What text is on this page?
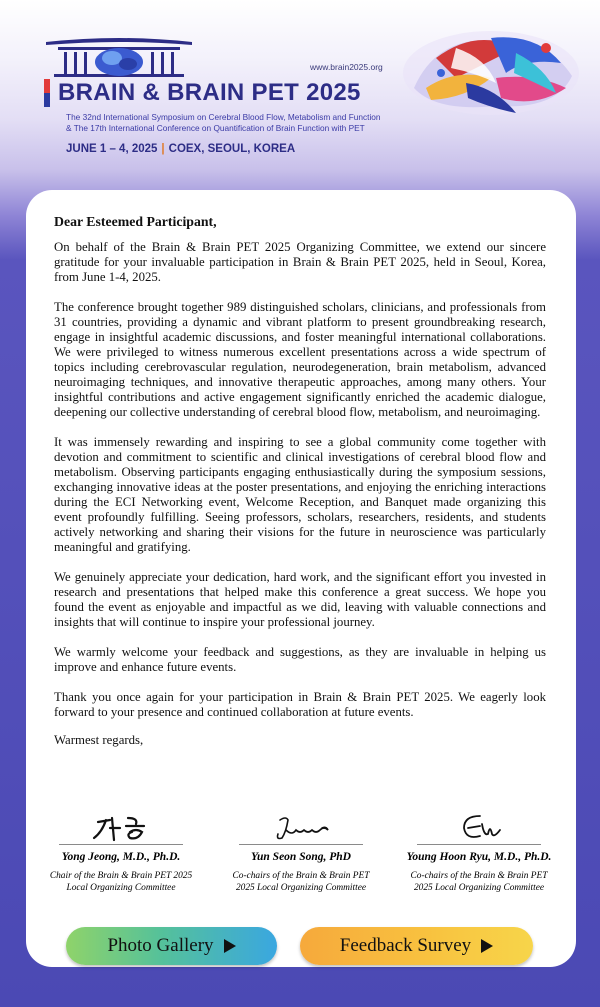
www.brain2025.org
BRAIN & BRAIN PET 2025
The 32nd International Symposium on Cerebral Blood Flow, Metabolism and Function
& The 17th International Conference on Quantification of Brain Function with PET
JUNE 1 – 4, 2025 | COEX, SEOUL, KOREA
Dear Esteemed Participant,

On behalf of the Brain & Brain PET 2025 Organizing Committee, we extend our sincere gratitude for your invaluable participation in Brain & Brain PET 2025, held in Seoul, Korea, from June 1-4, 2025.

The conference brought together 989 distinguished scholars, clinicians, and professionals from 31 countries, providing a dynamic and vibrant platform to present groundbreaking research, engage in insightful academic discussions, and foster meaningful international collaborations. We were privileged to witness numerous excellent presentations across a wide spectrum of topics including cerebrovascular regulation, neurodegeneration, brain metabolism, advanced neuroimaging techniques, and innovative therapeutic approaches, among many others. Your insightful contributions and active engagement significantly enriched the academic dialogue, deepening our collective understanding of cerebral blood flow, metabolism, and neuroimaging.

It was immensely rewarding and inspiring to see a global community come together with devotion and commitment to scientific and clinical investigations of cerebral blood flow and metabolism. Observing participants engaging enthusiastically during the symposium sessions, exchanging innovative ideas at the poster presentations, and enjoying the enriching interactions during the ECI Networking event, Welcome Reception, and Banquet made organizing this event profoundly fulfilling. Seeing professors, scholars, researchers, residents, and students actively networking and sharing their visions for the future in neuroscience was particularly meaningful and gratifying.

We genuinely appreciate your dedication, hard work, and the significant effort you invested in research and presentations that helped make this conference a great success. We hope you found the event as enjoyable and impactful as we did, leaving with valuable connections and insights that will continue to inspire your professional journey.

We warmly welcome your feedback and suggestions, as they are invaluable in helping us improve and enhance future events.

Thank you once again for your participation in Brain & Brain PET 2025. We eagerly look forward to your presence and continued collaboration at future events.

Warmest regards,
Yong Jeong, M.D., Ph.D.
Chair of the Brain & Brain PET 2025
Local Organizing Committee
Yun Seon Song, PhD
Co-chairs of the Brain & Brain PET
2025 Local Organizing Committee
Young Hoon Ryu, M.D., Ph.D.
Co-chairs of the Brain & Brain PET
2025 Local Organizing Committee
Photo Gallery	Feedback Survey
